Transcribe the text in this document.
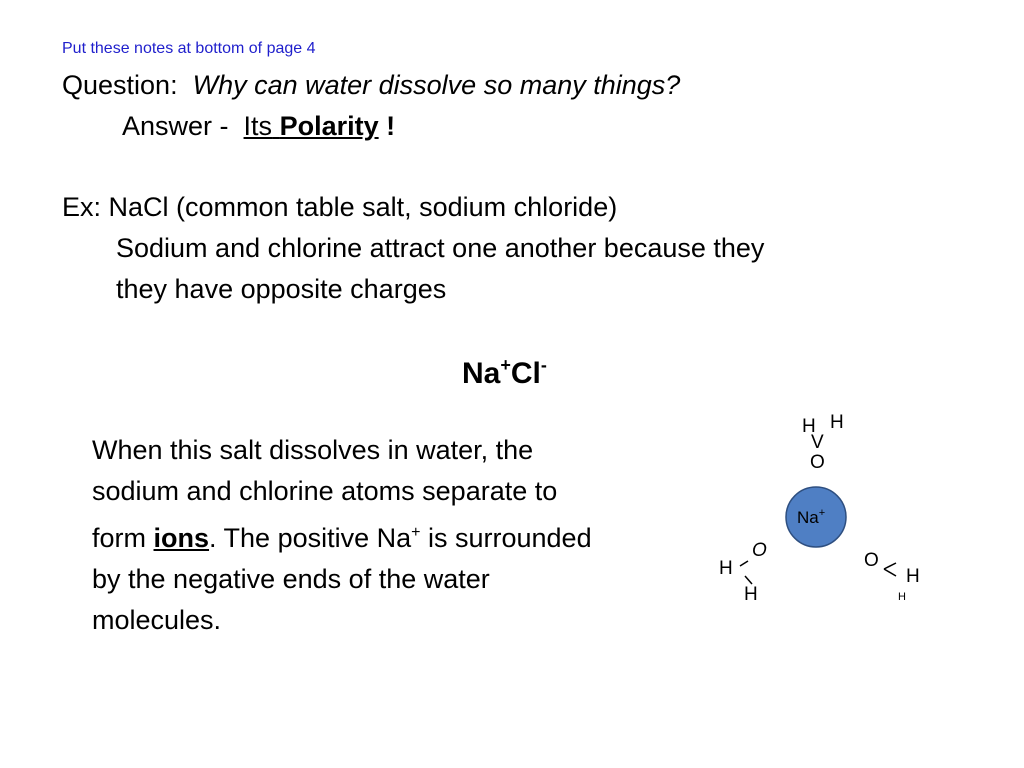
Put these notes at bottom of page 4
Question: Why can water dissolve so many things?
Answer - Its Polarity !
Ex: NaCl (common table salt, sodium chloride)
Sodium and chlorine attract one another because they
they have opposite charges
Na+Cl-
When this salt dissolves in water, the sodium and chlorine atoms separate to form ions. The positive Na+ is surrounded by the negative ends of the water molecules.
H H
V
O
Na+
O
H
H
O
H
H
